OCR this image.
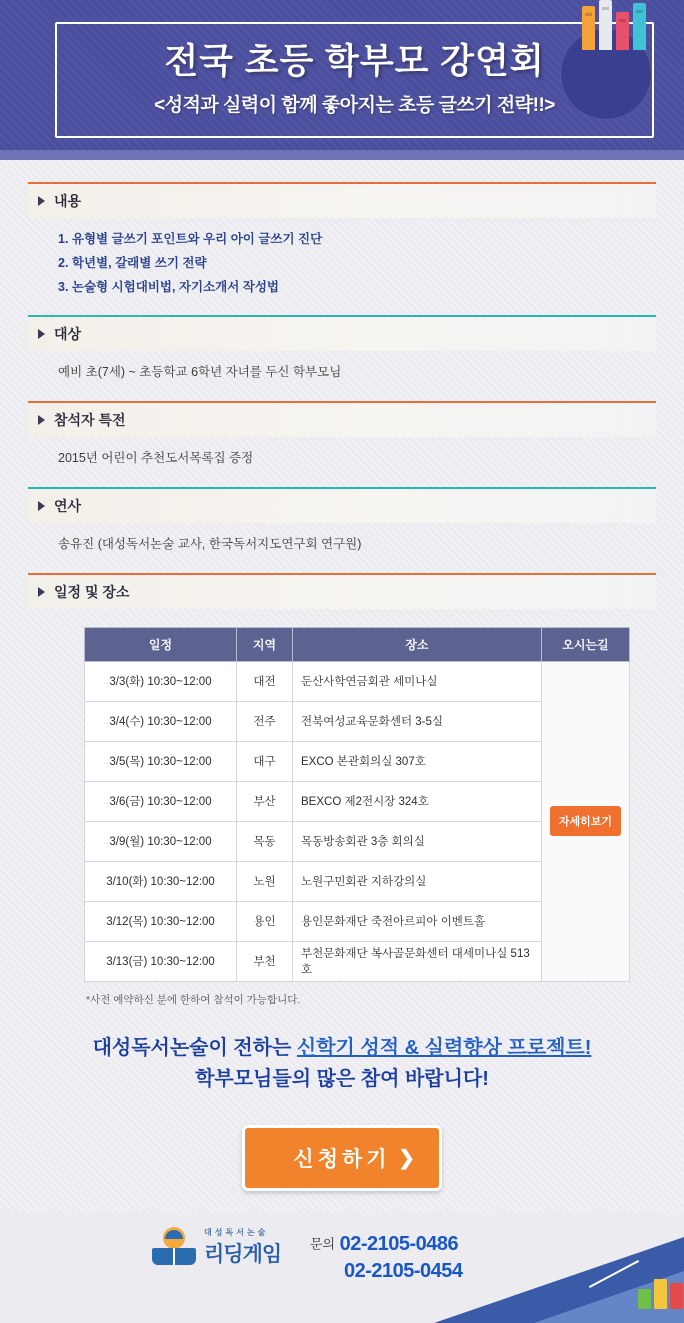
전국 초등 학부모 강연회
<성적과 실력이 함께 좋아지는 초등 글쓰기 전략!!>
내용
1. 유형별 글쓰기 포인트와 우리 아이 글쓰기 진단
2. 학년별, 갈래별 쓰기 전략
3. 논술형 시험대비법, 자기소개서 작성법
대상
예비 초(7세) ~ 초등학교 6학년 자녀를 두신 학부모님
참석자 특전
2015년 어린이 추천도서목록집 증정
연사
송유진 (대성독서논술 교사, 한국독서지도연구회 연구원)
일정 및 장소
일정	지역	장소	오시는길
3/3(화) 10:30~12:00	대전	둔산사학연금회관 세미나실	자세히보기
3/4(수) 10:30~12:00	전주	전북여성교육문화센터 3-5실	
3/5(목) 10:30~12:00	대구	EXCO 본관회의실 307호	
3/6(금) 10:30~12:00	부산	BEXCO 제2전시장 324호	
3/9(월) 10:30~12:00	목동	목동방송회관 3층 회의실	
3/10(화) 10:30~12:00	노원	노원구민회관 지하강의실	
3/12(목) 10:30~12:00	용인	용인문화재단 죽전아르피아 이벤트홀	
3/13(금) 10:30~12:00	부천	부천문화재단 복사골문화센터 대세미나실 513호	
*사전 예약하신 분에 한하여 참석이 가능합니다.
대성독서논술이 전하는 신학기 성적 & 실력향상 프로젝트!
학부모님들의 많은 참여 바랍니다!
신청하기 ❯
대성독서논술
리딩게임 문의 02-2105-0486
02-2105-0454
